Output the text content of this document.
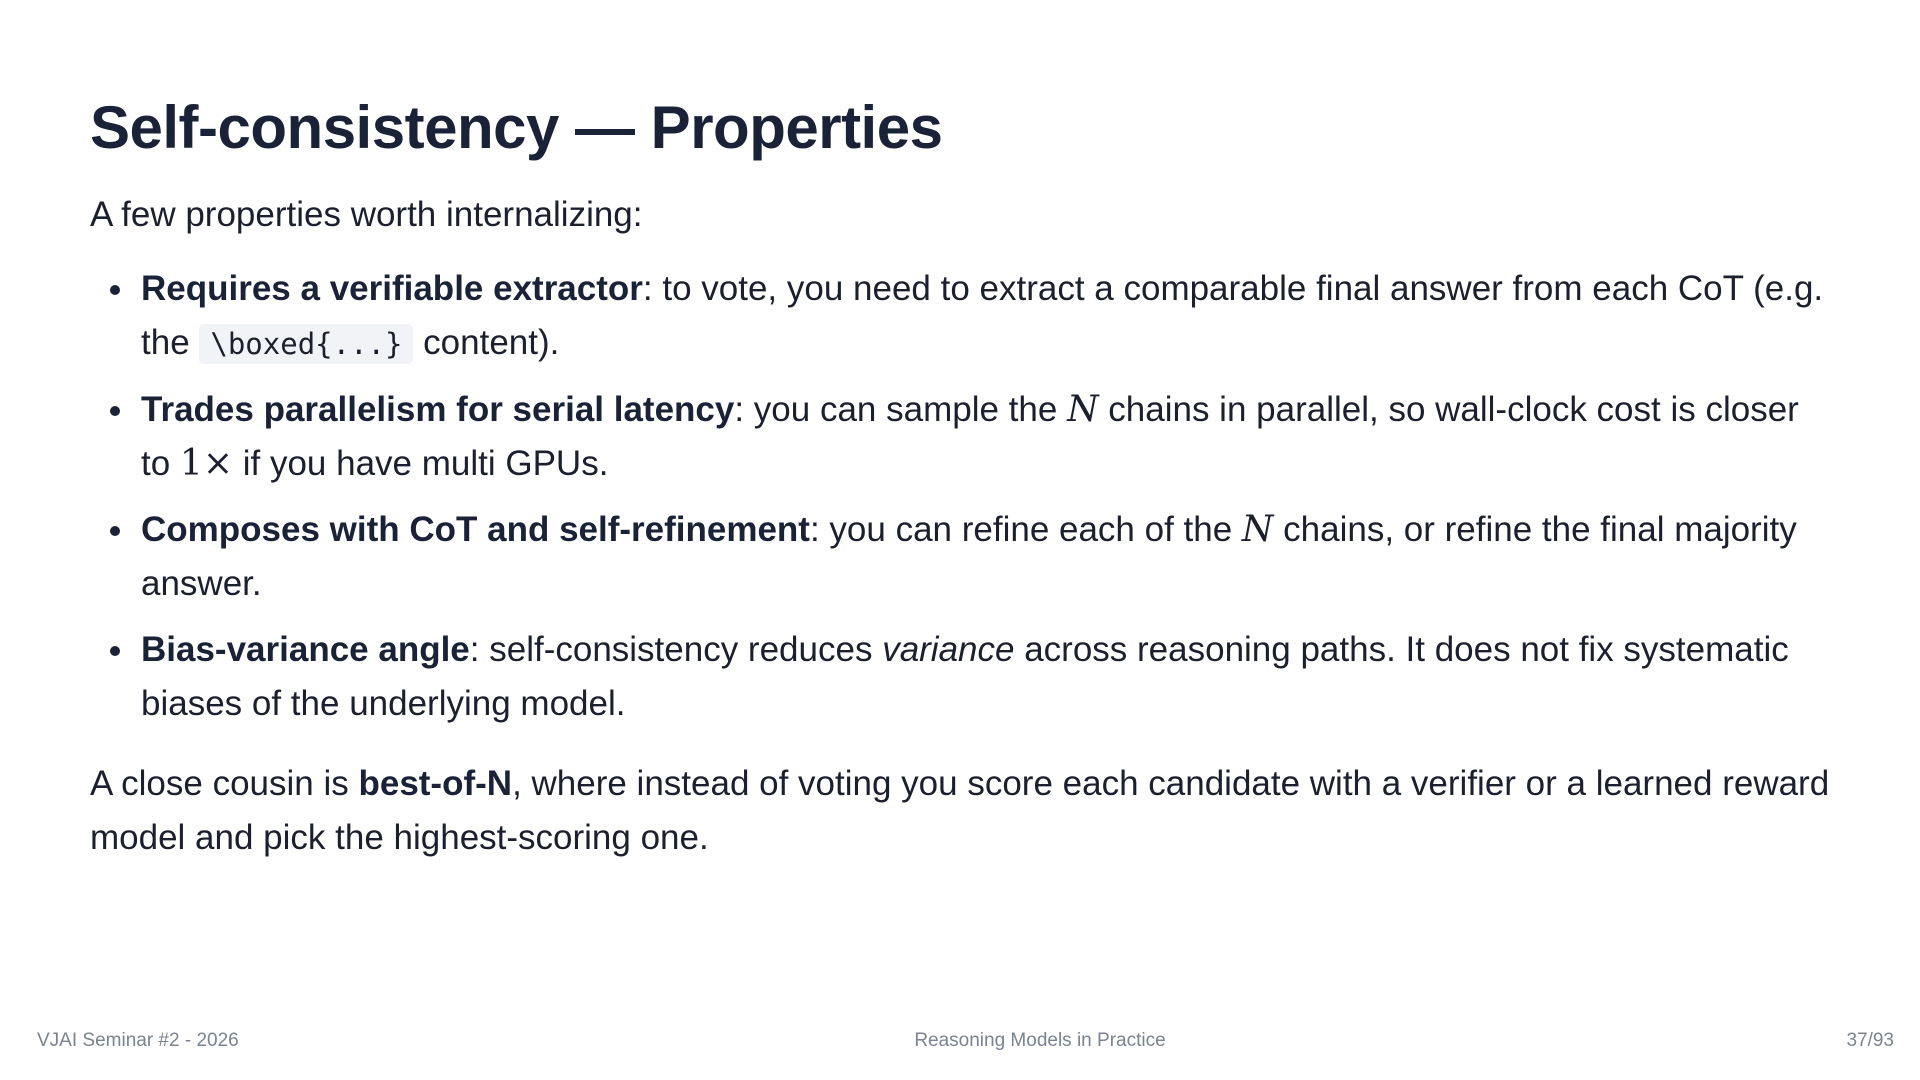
Self-consistency — Properties

A few properties worth internalizing:

Requires a verifiable extractor: to vote, you need to extract a comparable final answer from each CoT (e.g. the \boxed{...} content).
Trades parallelism for serial latency: you can sample the N chains in parallel, so wall-clock cost is closer to 1× if you have multi GPUs.
Composes with CoT and self-refinement: you can refine each of the N chains, or refine the final majority answer.
Bias-variance angle: self-consistency reduces variance across reasoning paths. It does not fix systematic biases of the underlying model.

A close cousin is best-of-N, where instead of voting you score each candidate with a verifier or a learned reward model and pick the highest-scoring one.

VJAI Seminar #2 - 2026	Reasoning Models in Practice	37/93
